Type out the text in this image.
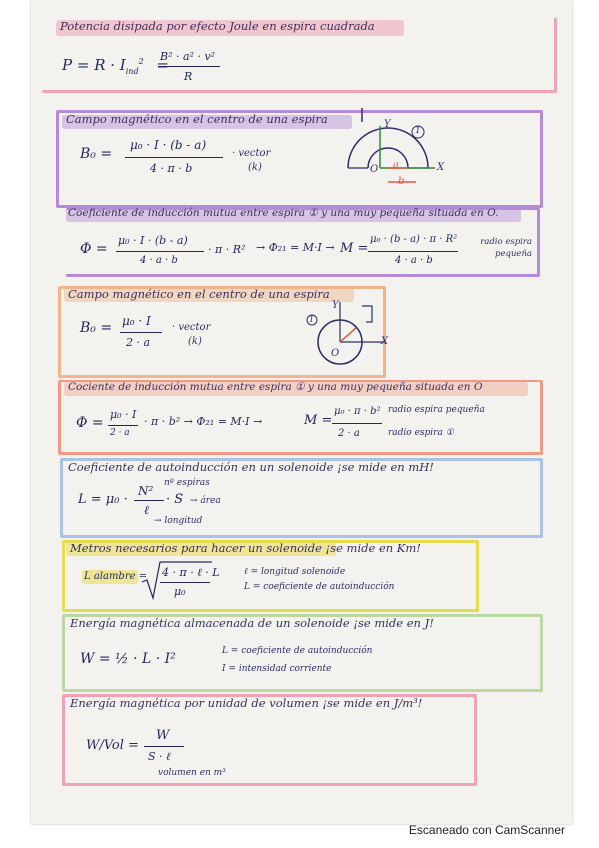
Potencia disipada por efecto Joule en espira cuadrada
$P = R \cdot I_{ind}^2$ =
B² · a² · v²
R
Campo magnético en el centro de una espira
B₀ =
μ₀ · I · (b - a)
4 · π · b
· vector
(k)
1
Y
X
O a
b
Coeficiente de inducción mutua entre espira ① y una muy pequeña situada en O.
Φ =
μ₀ · I · (b - a)
4 · a · b
· π · R² → Φ₂₁ = M·I → M =
μ₀ · (b - a) · π · R²
4 · a · b
radio espira pequeña
Campo magnético en el centro de una espira
B₀ = μ₀ · I
2 · a
· vector
(k)
1
Y
X
O
Cociente de inducción mutua entre espira ① y una muy pequeña situada en O
Φ =
μ₀ · I
2 · a
· π · b² → Φ₂₁ = M·I →	M =
μ₀ · π · b²
2 · a
radio espira pequeña
radio espira ①
Coeficiente de autoinducción en un solenoide ¡se mide en mH!
L = μ₀ ·
N²
ℓ
· S
nº espiras
→ área
→ longitud
Metros necesarios para hacer un solenoide ¡se mide en Km!
L alambre = 4 · π · ℓ · L
μ₀
ℓ = longitud solenoide
L = coeficiente de autoinducción
Energía magnética almacenada de un solenoide ¡se mide en J!
W = ½ · L · I²	L = coeficiente de autoinducción
I = intensidad corriente
Energía magnética por unidad de volumen ¡se mide en J/m³!
W/Vol =
W
S · ℓ
volumen en m³
Escaneado con CamScanner
